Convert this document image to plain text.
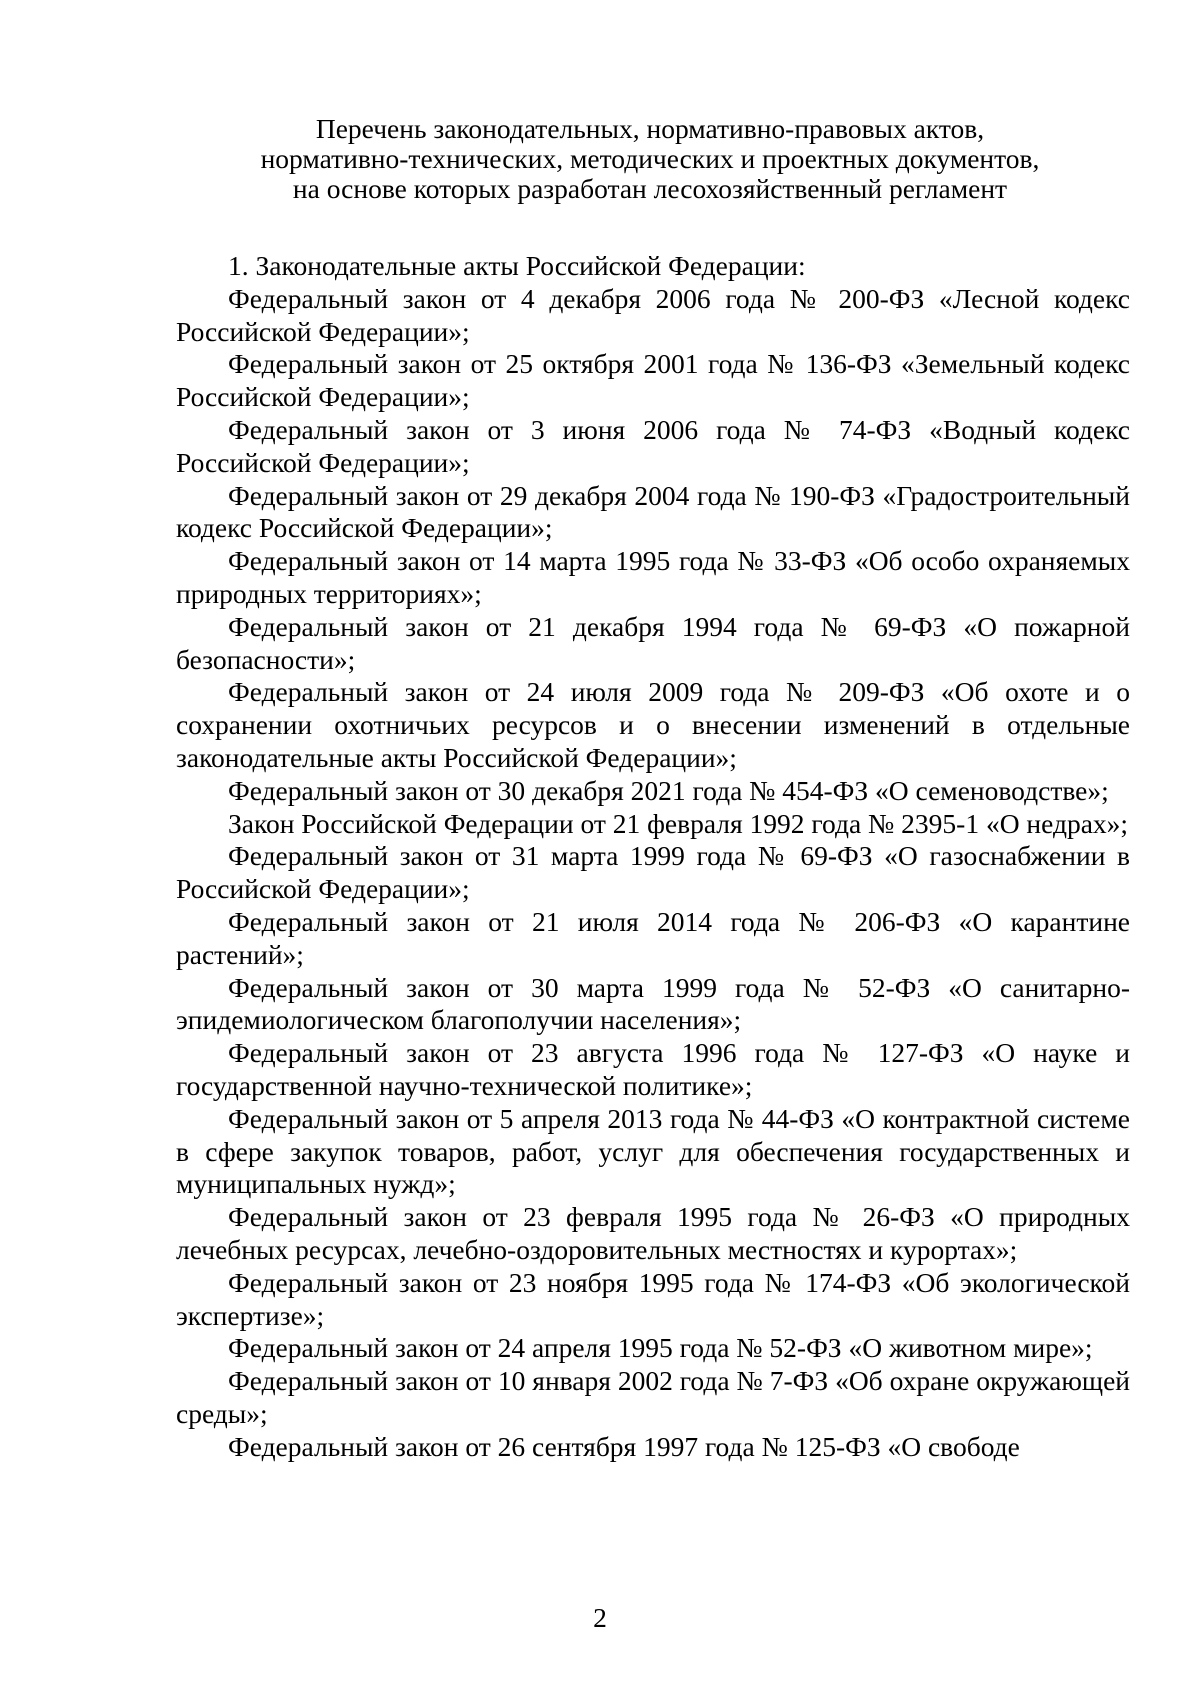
Перечень законодательных, нормативно-правовых актов,
нормативно-технических, методических и проектных документов,
на основе которых разработан лесохозяйственный регламент
1. Законодательные акты Российской Федерации:

Федеральный закон от 4 декабря 2006 года № 200-ФЗ «Лесной кодекс Российской Федерации»;

Федеральный закон от 25 октября 2001 года № 136-ФЗ «Земельный кодекс Российской Федерации»;

Федеральный закон от 3 июня 2006 года № 74-ФЗ «Водный кодекс Российской Федерации»;

Федеральный закон от 29 декабря 2004 года № 190-ФЗ «Градостроительный кодекс Российской Федерации»;

Федеральный закон от 14 марта 1995 года № 33-ФЗ «Об особо охраняемых природных территориях»;

Федеральный закон от 21 декабря 1994 года № 69-ФЗ «О пожарной безопасности»;

Федеральный закон от 24 июля 2009 года № 209-ФЗ «Об охоте и о сохранении охотничьих ресурсов и о внесении изменений в отдельные законодательные акты Российской Федерации»;

Федеральный закон от 30 декабря 2021 года № 454-ФЗ «О семеноводстве»;

Закон Российской Федерации от 21 февраля 1992 года № 2395-1 «О недрах»;

Федеральный закон от 31 марта 1999 года № 69-ФЗ «О газоснабжении в Российской Федерации»;

Федеральный закон от 21 июля 2014 года № 206-ФЗ «О карантине растений»;

Федеральный закон от 30 марта 1999 года № 52-ФЗ «О санитарно-эпидемиологическом благополучии населения»;

Федеральный закон от 23 августа 1996 года № 127-ФЗ «О науке и государственной научно-технической политике»;

Федеральный закон от 5 апреля 2013 года № 44-ФЗ «О контрактной системе в сфере закупок товаров, работ, услуг для обеспечения государственных и муниципальных нужд»;

Федеральный закон от 23 февраля 1995 года № 26-ФЗ «О природных лечебных ресурсах, лечебно-оздоровительных местностях и курортах»;

Федеральный закон от 23 ноября 1995 года № 174-ФЗ «Об экологической экспертизе»;

Федеральный закон от 24 апреля 1995 года № 52-ФЗ «О животном мире»;

Федеральный закон от 10 января 2002 года № 7-ФЗ «Об охране окружающей среды»;

Федеральный закон от 26 сентября 1997 года № 125-ФЗ «О свободе

2
